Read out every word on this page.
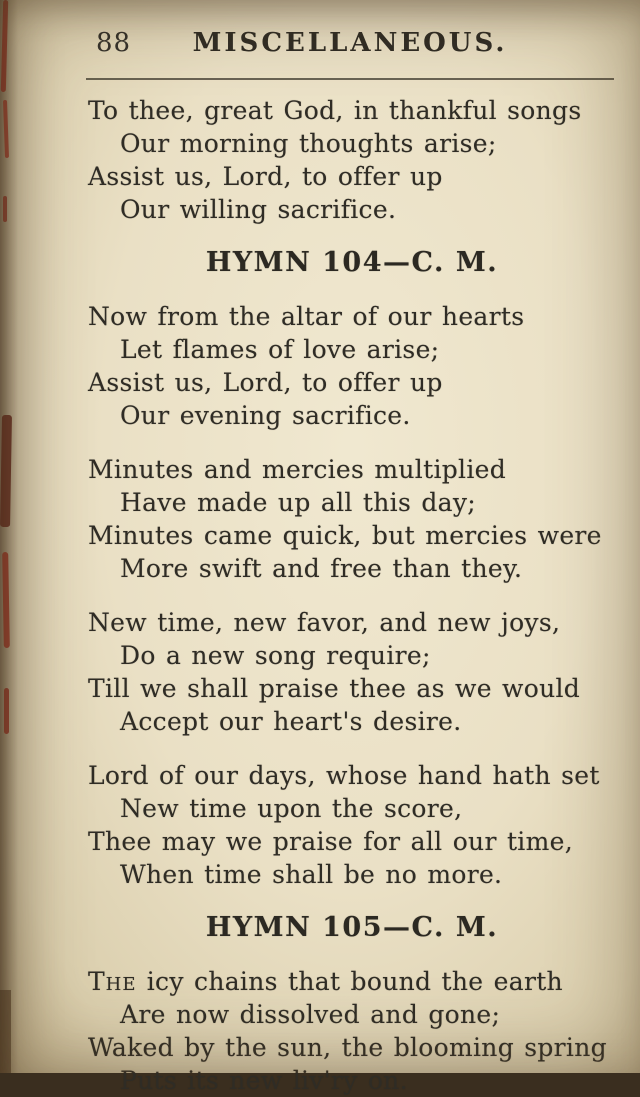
88	MISCELLANEOUS.
To thee, great God, in thankful songs
Our morning thoughts arise;
Assist us, Lord, to offer up
Our willing sacrifice.
HYMN 104—C. M.
Now from the altar of our hearts
Let flames of love arise;
Assist us, Lord, to offer up
Our evening sacrifice.
Minutes and mercies multiplied
Have made up all this day;
Minutes came quick, but mercies were
More swift and free than they.
New time, new favor, and new joys,
Do a new song require;
Till we shall praise thee as we would
Accept our heart's desire.
Lord of our days, whose hand hath set
New time upon the score,
Thee may we praise for all our time,
When time shall be no more.
HYMN 105—C. M.
The icy chains that bound the earth
Are now dissolved and gone;
Waked by the sun, the blooming spring
Puts its new liv'ry on.
